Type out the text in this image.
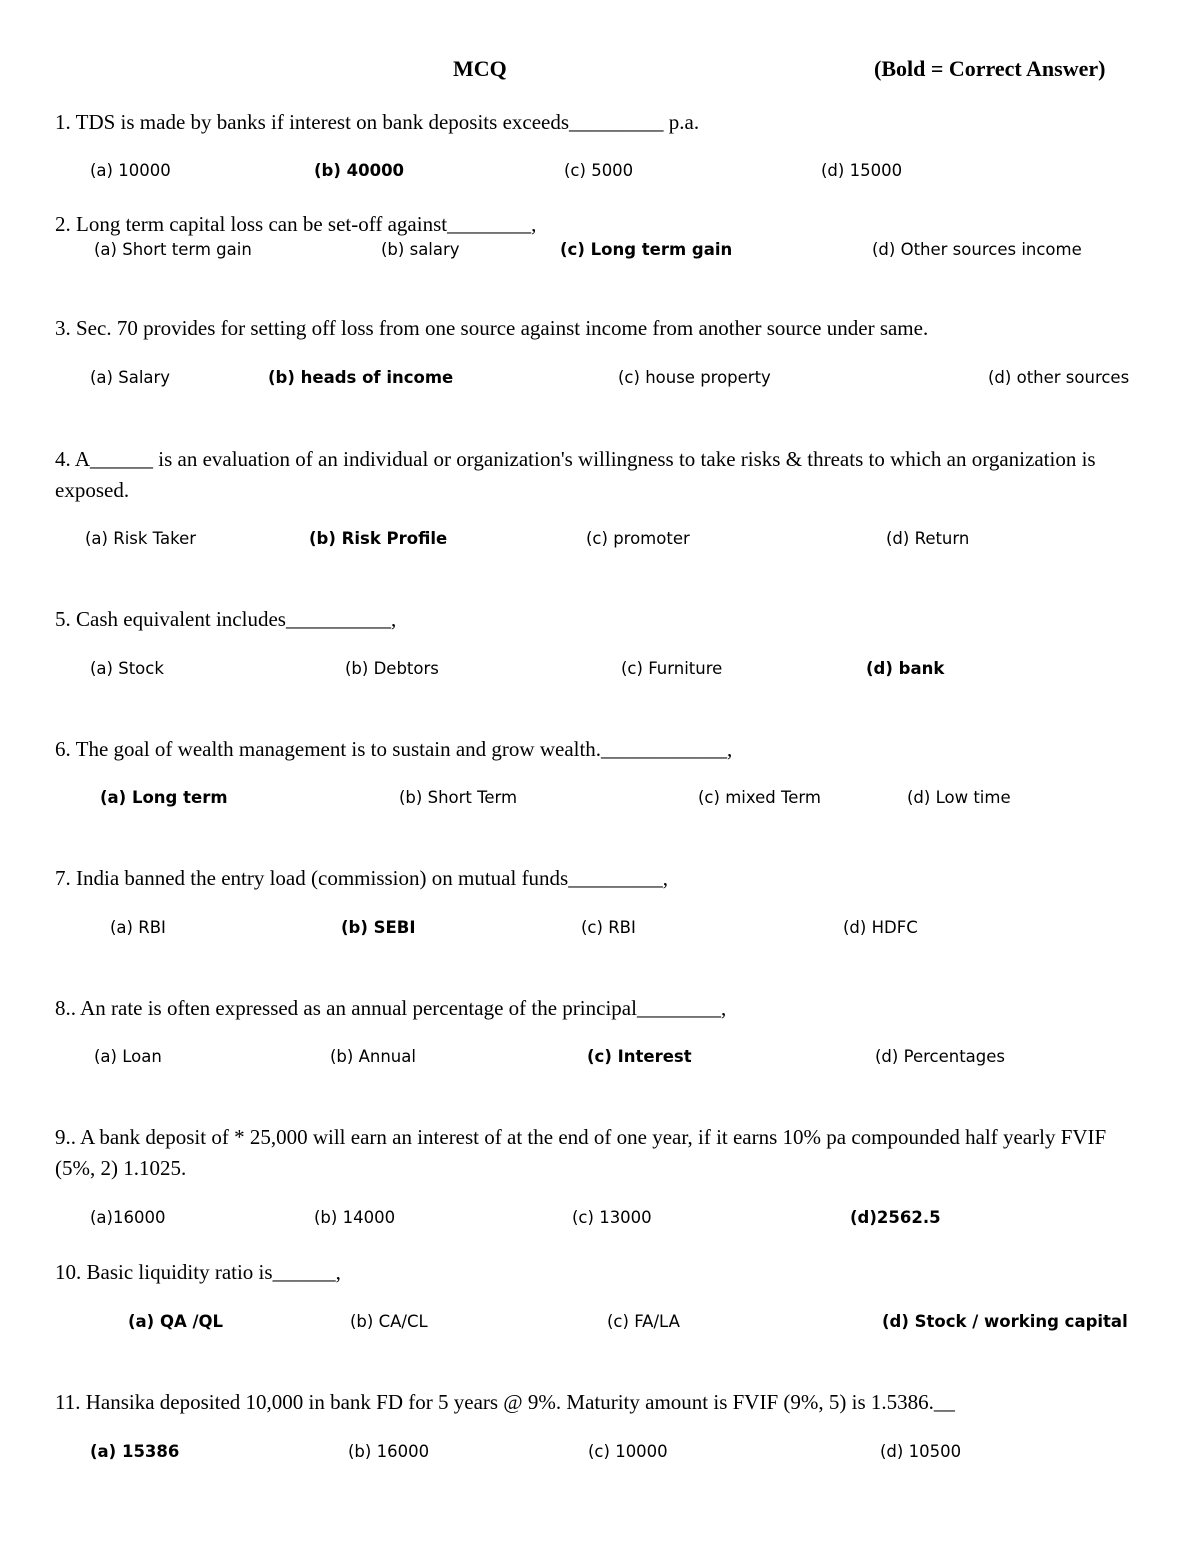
MCQ	(Bold = Correct Answer)
1. TDS is made by banks if interest on bank deposits exceeds_________ p.a.
(a) 10000	(b) 40000	(c) 5000	(d) 15000
2. Long term capital loss can be set-off against________,
(a) Short term gain	(b) salary	(c) Long term gain	(d) Other sources income
3. Sec. 70 provides for setting off loss from one source against income from another source under same.
(a) Salary	(b) heads of income	(c) house property	(d) other sources
4. A______ is an evaluation of an individual or organization's willingness to take risks & threats to which an organization is exposed.
(a) Risk Taker	(b) Risk Profile	(c) promoter	(d) Return
5. Cash equivalent includes__________,
(a) Stock	(b) Debtors	(c) Furniture	(d) bank
6. The goal of wealth management is to sustain and grow wealth.____________,
(a) Long term	(b) Short Term	(c) mixed Term	(d) Low time
7. India banned the entry load (commission) on mutual funds_________,
(a) RBI	(b) SEBI	(c) RBI	(d) HDFC
8.. An rate is often expressed as an annual percentage of the principal________,
(a) Loan	(b) Annual	(c) Interest	(d) Percentages
9.. A bank deposit of * 25,000 will earn an interest of at the end of one year, if it earns 10% pa compounded half yearly FVIF (5%, 2) 1.1025.
(a)16000	(b) 14000	(c) 13000	(d)2562.5
10. Basic liquidity ratio is______,
(a) QA /QL	(b) CA/CL	(c) FA/LA	(d) Stock / working capital
11. Hansika deposited 10,000 in bank FD for 5 years @ 9%. Maturity amount is FVIF (9%, 5) is 1.5386.__
(a) 15386	(b) 16000	(c) 10000	(d) 10500
